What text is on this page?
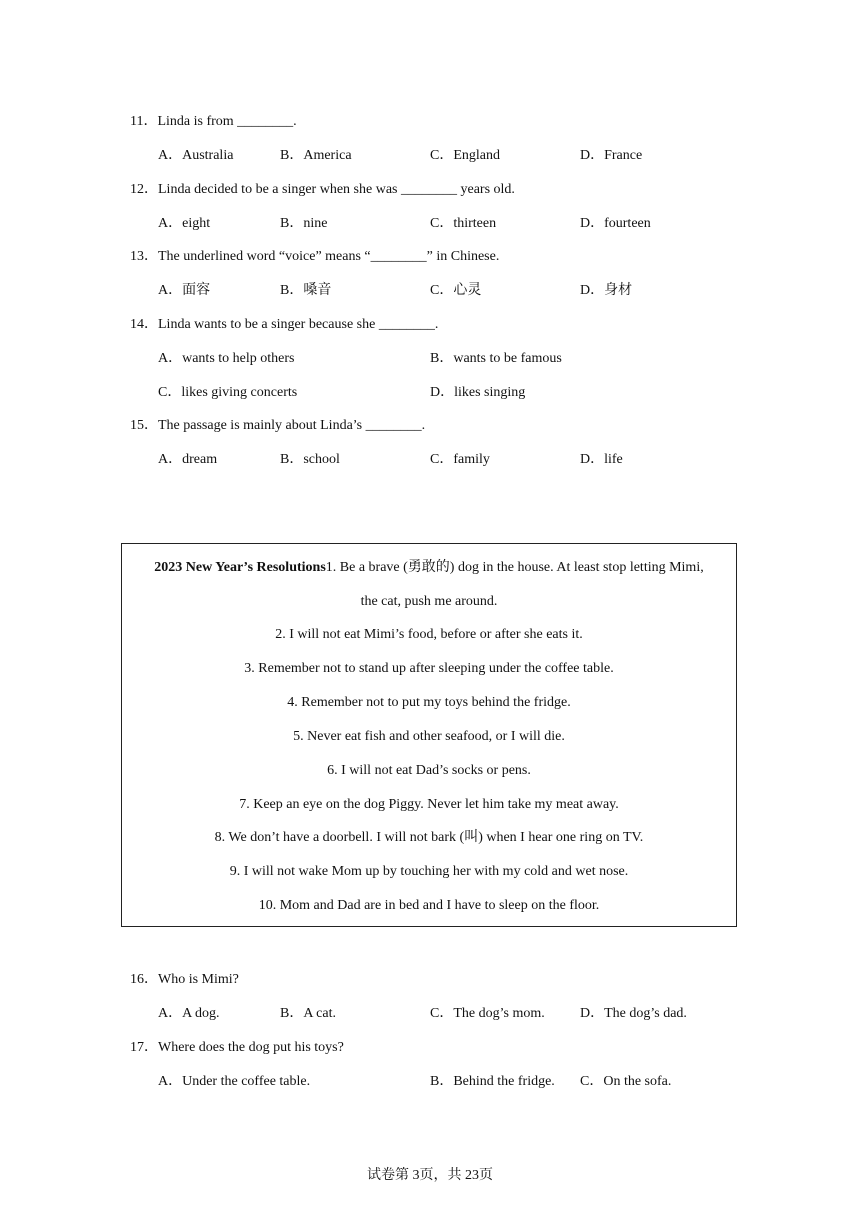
11．Linda is from ________.
A．Australia	B．America	C．England	D．France
12．Linda decided to be a singer when she was ________ years old.
A．eight	B．nine	C．thirteen	D．fourteen
13．The underlined word “voice” means “________” in Chinese.
A．面容	B．嗓音	C．心灵	D．身材
14．Linda wants to be a singer because she ________.
A．wants to help others	B．wants to be famous
C．likes giving concerts	D．likes singing
15．The passage is mainly about Linda’s ________.
A．dream	B．school	C．family	D．life
2023 New Year’s Resolutions1. Be a brave (勇敢的) dog in the house. At least stop letting Mimi,
the cat, push me around.
2. I will not eat Mimi’s food, before or after she eats it.
3. Remember not to stand up after sleeping under the coffee table.
4. Remember not to put my toys behind the fridge.
5. Never eat fish and other seafood, or I will die.
6. I will not eat Dad’s socks or pens.
7. Keep an eye on the dog Piggy. Never let him take my meat away.
8. We don’t have a doorbell. I will not bark (叫) when I hear one ring on TV.
9. I will not wake Mom up by touching her with my cold and wet nose.
10. Mom and Dad are in bed and I have to sleep on the floor.
16．Who is Mimi?
A．A dog.	B．A cat.	C．The dog’s mom.	D．The dog’s dad.
17．Where does the dog put his toys?
A．Under the coffee table.	B．Behind the fridge. C．On the sofa.
试卷第 3页，共 23页
